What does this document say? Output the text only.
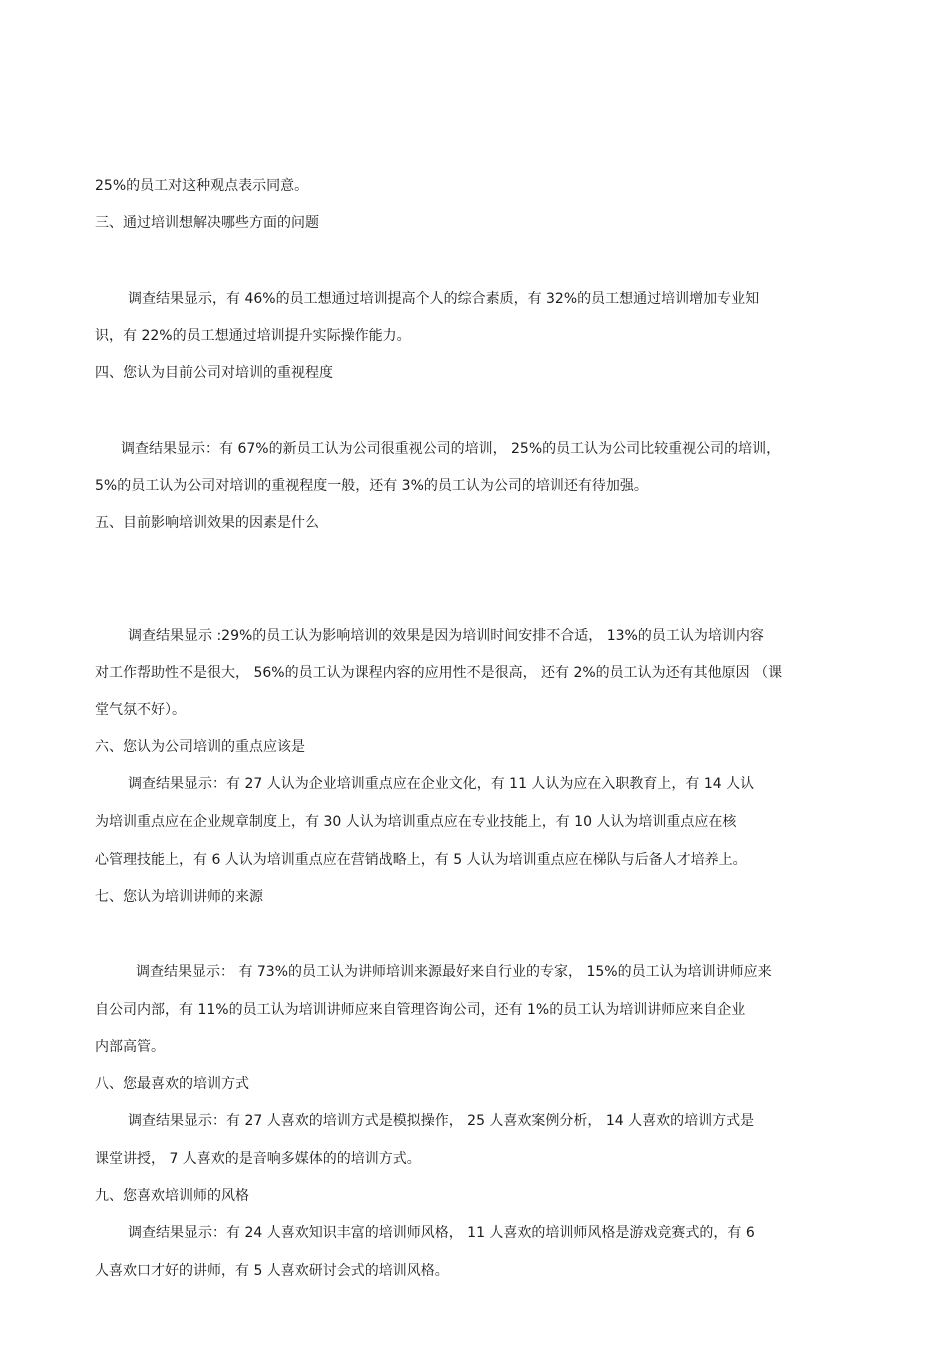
25%的员工对这种观点表示同意。
三、通过培训想解决哪些方面的问题
调查结果显示，有 46%的员工想通过培训提高个人的综合素质，有 32%的员工想通过培训增加专业知
识，有 22%的员工想通过培训提升实际操作能力。
四、您认为目前公司对培训的重视程度
调查结果显示：有 67%的新员工认为公司很重视公司的培训， 25%的员工认为公司比较重视公司的培训，
5%的员工认为公司对培训的重视程度一般，还有 3%的员工认为公司的培训还有待加强。
五、目前影响培训效果的因素是什么
调查结果显示 :29%的员工认为影响培训的效果是因为培训时间安排不合适， 13%的员工认为培训内容
对工作帮助性不是很大， 56%的员工认为课程内容的应用性不是很高， 还有 2%的员工认为还有其他原因 （课
堂气氛不好）。
六、您认为公司培训的重点应该是
调查结果显示：有 27 人认为企业培训重点应在企业文化，有 11 人认为应在入职教育上，有 14 人认
为培训重点应在企业规章制度上，有 30 人认为培训重点应在专业技能上，有 10 人认为培训重点应在核
心管理技能上，有 6 人认为培训重点应在营销战略上，有 5 人认为培训重点应在梯队与后备人才培养上。
七、您认为培训讲师的来源
调查结果显示： 有 73%的员工认为讲师培训来源最好来自行业的专家， 15%的员工认为培训讲师应来
自公司内部，有 11%的员工认为培训讲师应来自管理咨询公司，还有 1%的员工认为培训讲师应来自企业
内部高管。
八、您最喜欢的培训方式
调查结果显示：有 27 人喜欢的培训方式是模拟操作， 25 人喜欢案例分析， 14 人喜欢的培训方式是
课堂讲授， 7 人喜欢的是音响多媒体的的培训方式。
九、您喜欢培训师的风格
调查结果显示：有 24 人喜欢知识丰富的培训师风格， 11 人喜欢的培训师风格是游戏竞赛式的，有 6
人喜欢口才好的讲师，有 5 人喜欢研讨会式的培训风格。
